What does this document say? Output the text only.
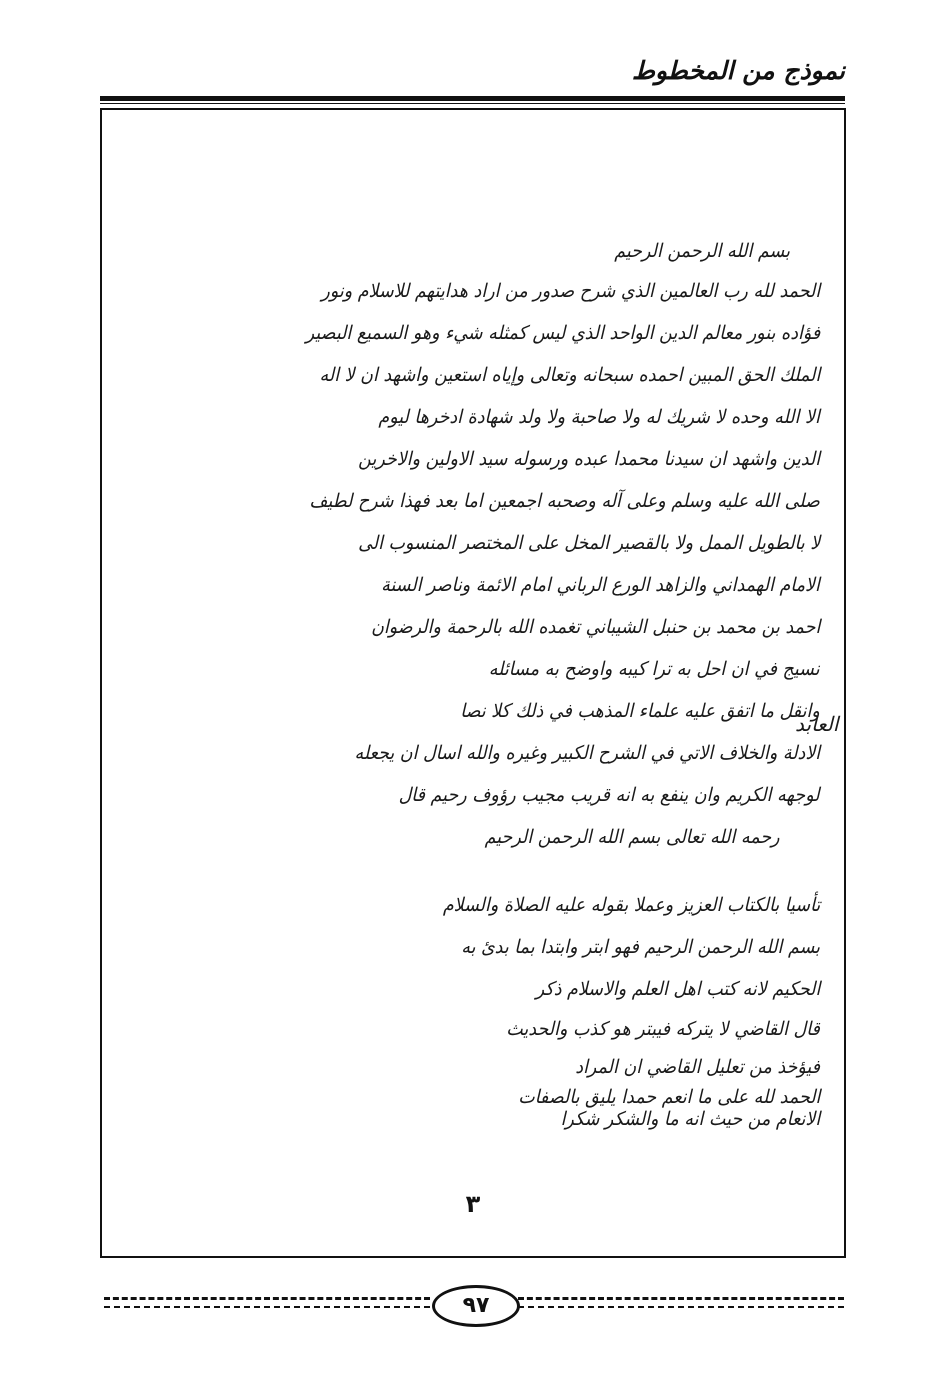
نموذج من المخطوط
بسم الله الرحمن الرحيم
الحمد لله رب العالمين الذي شرح صدور من اراد هدايتهم للاسلام ونور
فؤاده بنور معالم الدين الواحد الذي ليس كمثله شيء وهو السميع البصير
الملك الحق المبين احمده سبحانه وتعالى وإياه استعين واشهد ان لا اله
الا الله وحده لا شريك له ولا صاحبة ولا ولد شهادة ادخرها ليوم
الدين واشهد ان سيدنا محمدا عبده ورسوله سيد الاولين والاخرين
صلى الله عليه وسلم وعلى آله وصحبه اجمعين اما بعد فهذا شرح لطيف
لا بالطويل الممل ولا بالقصير المخل على المختصر المنسوب الى
الامام الهمداني والزاهد الورع الرباني امام الائمة وناصر السنة
احمد بن محمد بن حنبل الشيباني تغمده الله بالرحمة والرضوان
نسيج في ان احل به ترا كيبه واوضح به مسائله
وانقل ما اتفق عليه علماء المذهب في ذلك كلا نصا
الادلة والخلاف الاتي في الشرح الكبير وغيره والله اسال ان يجعله
لوجهه الكريم وان ينفع به انه قريب مجيب رؤوف رحيم قال
رحمه الله تعالى بسم الله الرحمن الرحيم
تأسيا بالكتاب العزيز وعملا بقوله عليه الصلاة والسلام
بسم الله الرحمن الرحيم فهو ابتر وابتدا بما بدئ به
الحكيم لانه كتب اهل العلم والاسلام ذكر
قال القاضي لا يتركه فيبتر هو كذب والحديث
فيؤخذ من تعليل القاضي ان المراد
الحمد لله على ما انعم حمدا يليق بالصفات
الانعام من حيث انه ما والشكر شكرا
٣
العابد
٩٧
